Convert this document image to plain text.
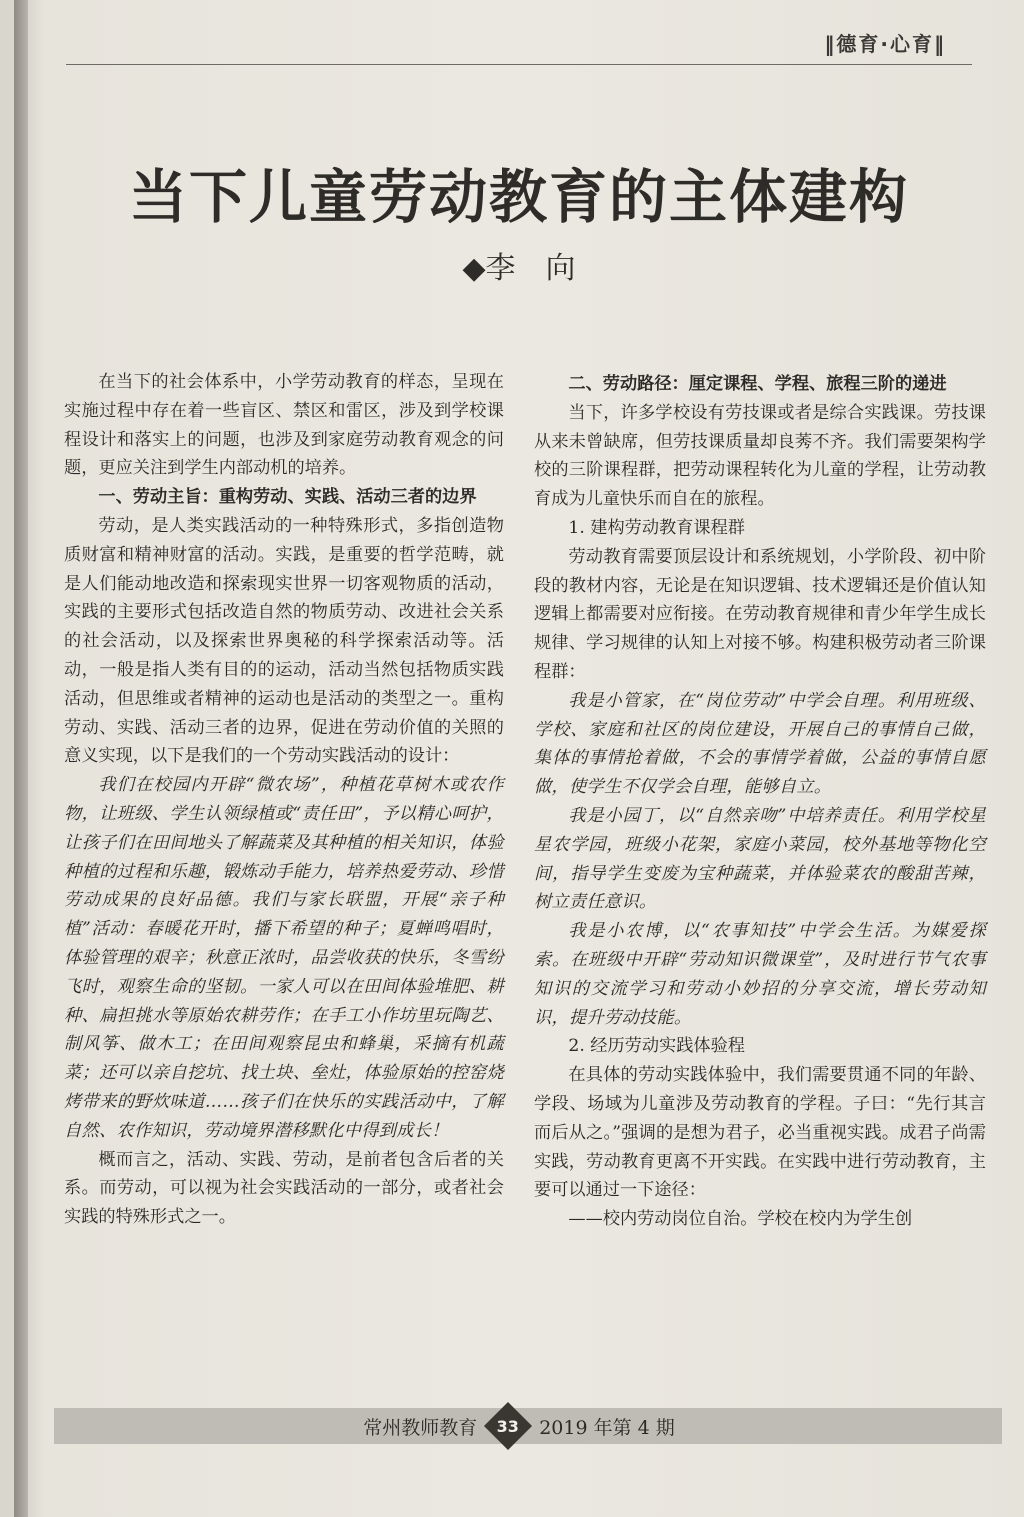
‖德育·心育‖
当下儿童劳动教育的主体建构
◆李　向

在当下的社会体系中，小学劳动教育的样态，呈现在实施过程中存在着一些盲区、禁区和雷区，涉及到学校课程设计和落实上的问题，也涉及到家庭劳动教育观念的问题，更应关注到学生内部动机的培养。

一、劳动主旨：重构劳动、实践、活动三者的边界

劳动，是人类实践活动的一种特殊形式，多指创造物质财富和精神财富的活动。实践，是重要的哲学范畴，就是人们能动地改造和探索现实世界一切客观物质的活动，实践的主要形式包括改造自然的物质劳动、改进社会关系的社会活动，以及探索世界奥秘的科学探索活动等。活动，一般是指人类有目的的运动，活动当然包括物质实践活动，但思维或者精神的运动也是活动的类型之一。重构劳动、实践、活动三者的边界，促进在劳动价值的关照的意义实现，以下是我们的一个劳动实践活动的设计：

我们在校园内开辟“微农场”，种植花草树木或农作物，让班级、学生认领绿植或“责任田”，予以精心呵护，让孩子们在田间地头了解蔬菜及其种植的相关知识，体验种植的过程和乐趣，锻炼动手能力，培养热爱劳动、珍惜劳动成果的良好品德。我们与家长联盟，开展“亲子种植”活动：春暖花开时，播下希望的种子；夏蝉鸣唱时，体验管理的艰辛；秋意正浓时，品尝收获的快乐，冬雪纷飞时，观察生命的坚韧。一家人可以在田间体验堆肥、耕种、扁担挑水等原始农耕劳作；在手工小作坊里玩陶艺、制风筝、做木工；在田间观察昆虫和蜂巢，采摘有机蔬菜；还可以亲自挖坑、找土块、垒灶，体验原始的控窑烧烤带来的野炊味道……孩子们在快乐的实践活动中，了解自然、农作知识，劳动境界潜移默化中得到成长！

概而言之，活动、实践、劳动，是前者包含后者的关系。而劳动，可以视为社会实践活动的一部分，或者社会实践的特殊形式之一。

二、劳动路径：厘定课程、学程、旅程三阶的递进

当下，许多学校设有劳技课或者是综合实践课。劳技课从来未曾缺席，但劳技课质量却良莠不齐。我们需要架构学校的三阶课程群，把劳动课程转化为儿童的学程，让劳动教育成为儿童快乐而自在的旅程。

1. 建构劳动教育课程群

劳动教育需要顶层设计和系统规划，小学阶段、初中阶段的教材内容，无论是在知识逻辑、技术逻辑还是价值认知逻辑上都需要对应衔接。在劳动教育规律和青少年学生成长规律、学习规律的认知上对接不够。构建积极劳动者三阶课程群：

我是小管家，在“岗位劳动”中学会自理。利用班级、学校、家庭和社区的岗位建设，开展自己的事情自己做，集体的事情抢着做，不会的事情学着做，公益的事情自愿做，使学生不仅学会自理，能够自立。

我是小园丁，以“自然亲吻”中培养责任。利用学校星星农学园，班级小花架，家庭小菜园，校外基地等物化空间，指导学生变废为宝种蔬菜，并体验菜农的酸甜苦辣，树立责任意识。

我是小农博，以“农事知技”中学会生活。为媒爱探索。在班级中开辟“劳动知识微课堂”，及时进行节气农事知识的交流学习和劳动小妙招的分享交流，增长劳动知识，提升劳动技能。

2. 经历劳动实践体验程

在具体的劳动实践体验中，我们需要贯通不同的年龄、学段、场域为儿童涉及劳动教育的学程。子曰：“先行其言而后从之。”强调的是想为君子，必当重视实践。成君子尚需实践，劳动教育更离不开实践。在实践中进行劳动教育，主要可以通过一下途径：

——校内劳动岗位自治。学校在校内为学生创

常州教师教育 33 2019 年第 4 期
